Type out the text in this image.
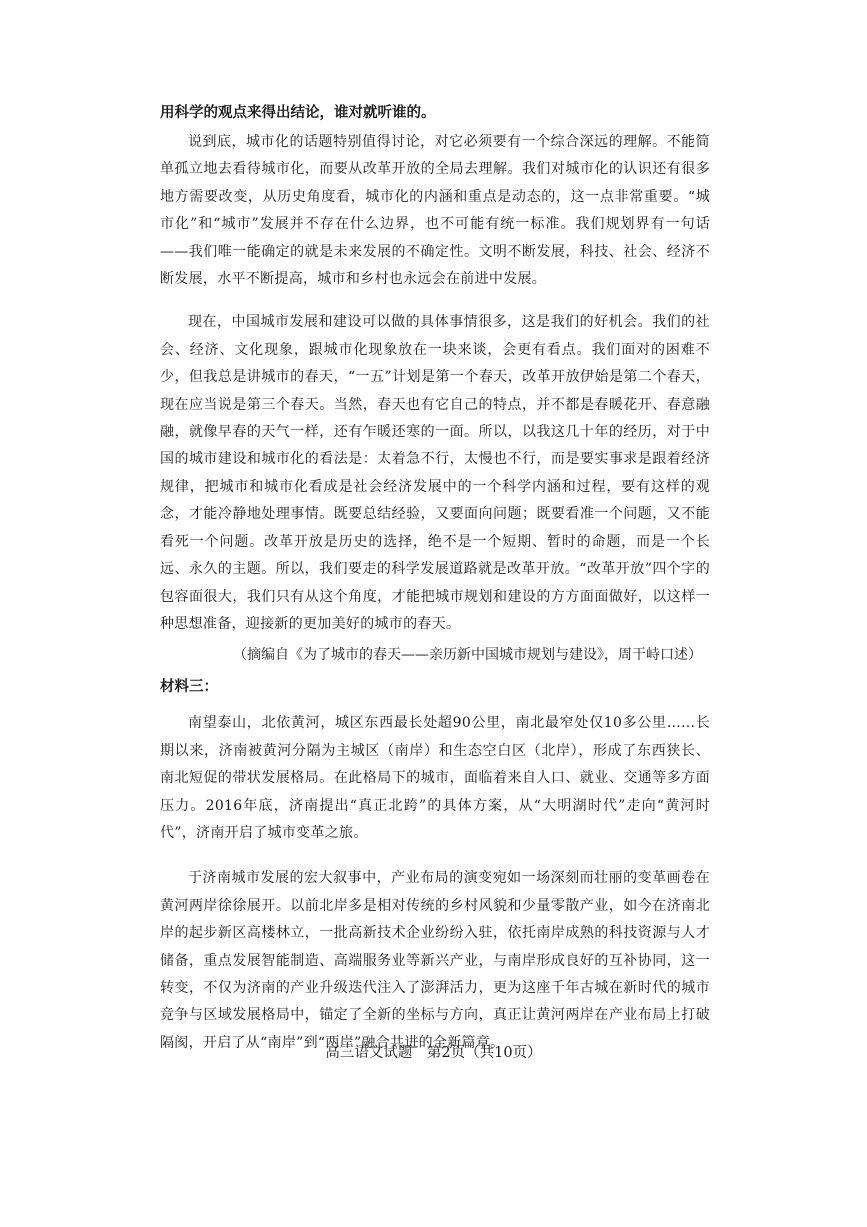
用科学的观点来得出结论，谁对就听谁的。

说到底，城市化的话题特别值得讨论，对它必须要有一个综合深远的理解。不能简单孤立地去看待城市化，而要从改革开放的全局去理解。我们对城市化的认识还有很多地方需要改变，从历史角度看，城市化的内涵和重点是动态的，这一点非常重要。“城市化”和“城市”发展并不存在什么边界，也不可能有统一标准。我们规划界有一句话——我们唯一能确定的就是未来发展的不确定性。文明不断发展，科技、社会、经济不断发展，水平不断提高，城市和乡村也永远会在前进中发展。

现在，中国城市发展和建设可以做的具体事情很多，这是我们的好机会。我们的社会、经济、文化现象，跟城市化现象放在一块来谈，会更有看点。我们面对的困难不少，但我总是讲城市的春天，“一五”计划是第一个春天，改革开放伊始是第二个春天，现在应当说是第三个春天。当然，春天也有它自己的特点，并不都是春暖花开、春意融融，就像早春的天气一样，还有乍暖还寒的一面。所以，以我这几十年的经历，对于中国的城市建设和城市化的看法是：太着急不行，太慢也不行，而是要实事求是跟着经济规律，把城市和城市化看成是社会经济发展中的一个科学内涵和过程，要有这样的观念，才能冷静地处理事情。既要总结经验，又要面向问题；既要看准一个问题，又不能看死一个问题。改革开放是历史的选择，绝不是一个短期、暂时的命题，而是一个长远、永久的主题。所以，我们要走的科学发展道路就是改革开放。“改革开放”四个字的包容面很大，我们只有从这个角度，才能把城市规划和建设的方方面面做好，以这样一种思想准备，迎接新的更加美好的城市的春天。

（摘编自《为了城市的春天——亲历新中国城市规划与建设》，周干峙口述）

材料三：

南望泰山，北依黄河，城区东西最长处超90公里，南北最窄处仅10多公里……长期以来，济南被黄河分隔为主城区（南岸）和生态空白区（北岸），形成了东西狭长、南北短促的带状发展格局。在此格局下的城市，面临着来自人口、就业、交通等多方面压力。2016年底，济南提出“真正北跨”的具体方案，从“大明湖时代”走向“黄河时代”，济南开启了城市变革之旅。

于济南城市发展的宏大叙事中，产业布局的演变宛如一场深刻而壮丽的变革画卷在黄河两岸徐徐展开。以前北岸多是相对传统的乡村风貌和少量零散产业，如今在济南北岸的起步新区高楼林立，一批高新技术企业纷纷入驻，依托南岸成熟的科技资源与人才储备，重点发展智能制造、高端服务业等新兴产业，与南岸形成良好的互补协同，这一转变，不仅为济南的产业升级迭代注入了澎湃活力，更为这座千年古城在新时代的城市竞争与区域发展格局中，锚定了全新的坐标与方向，真正让黄河两岸在产业布局上打破隔阂，开启了从“南岸”到“两岸”融合共进的全新篇章。

高三语文试题　第2页（共10页）
